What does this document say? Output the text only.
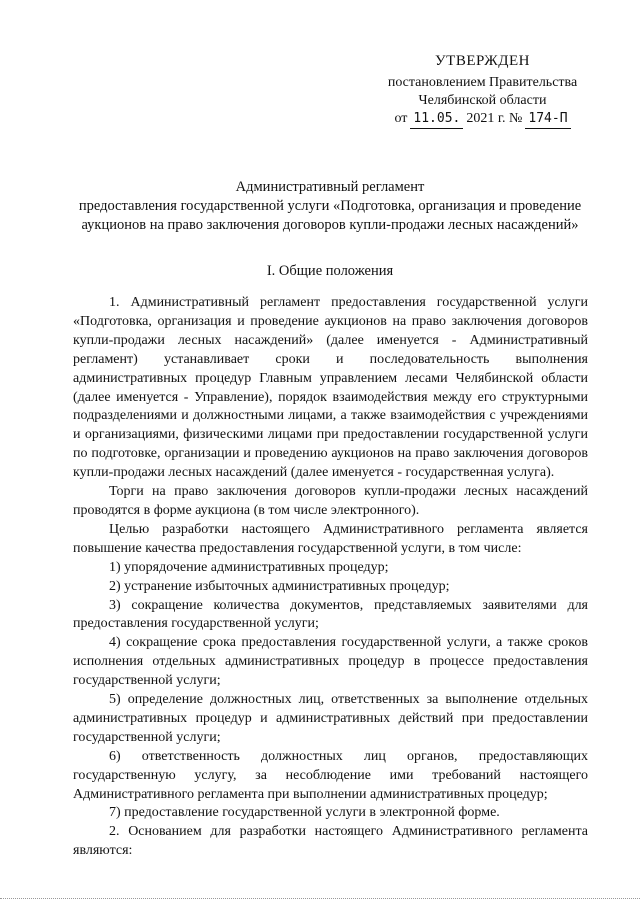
УТВЕРЖДЕН
постановлением Правительства
Челябинской области
от 11.05. 2021 г. № 174-П
Административный регламент
предоставления государственной услуги «Подготовка, организация и проведение аукционов на право заключения договоров купли-продажи лесных насаждений»
I. Общие положения

1. Административный регламент предоставления государственной услуги «Подготовка, организация и проведение аукционов на право заключения договоров купли-продажи лесных насаждений» (далее именуется - Административный регламент) устанавливает сроки и последовательность выполнения административных процедур Главным управлением лесами Челябинской области (далее именуется - Управление), порядок взаимодействия между его структурными подразделениями и должностными лицами, а также взаимодействия с учреждениями и организациями, физическими лицами при предоставлении государственной услуги по подготовке, организации и проведению аукционов на право заключения договоров купли-продажи лесных насаждений (далее именуется - государственная услуга).

Торги на право заключения договоров купли-продажи лесных насаждений проводятся в форме аукциона (в том числе электронного).

Целью разработки настоящего Административного регламента является повышение качества предоставления государственной услуги, в том числе:

1) упорядочение административных процедур;

2) устранение избыточных административных процедур;

3) сокращение количества документов, представляемых заявителями для предоставления государственной услуги;

4) сокращение срока предоставления государственной услуги, а также сроков исполнения отдельных административных процедур в процессе предоставления государственной услуги;

5) определение должностных лиц, ответственных за выполнение отдельных административных процедур и административных действий при предоставлении государственной услуги;

6) ответственность должностных лиц органов, предоставляющих государственную услугу, за несоблюдение ими требований настоящего Административного регламента при выполнении административных процедур;

7) предоставление государственной услуги в электронной форме.

2. Основанием для разработки настоящего Административного регламента являются:
